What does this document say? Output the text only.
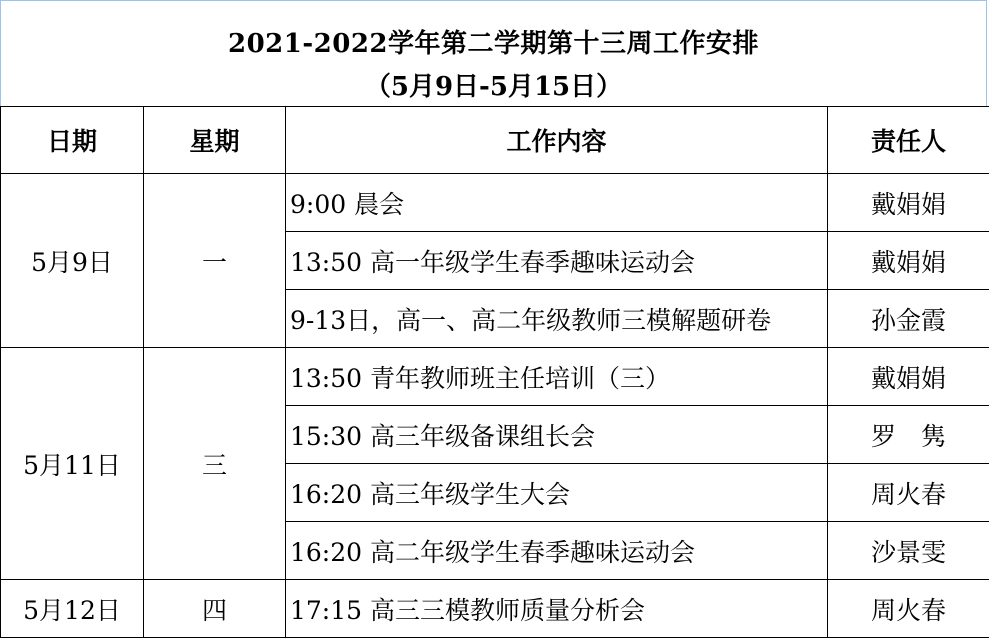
2021-2022学年第二学期第十三周工作安排
（5月9日-5月15日）
日期	星期	工作内容	责任人
5月9日	一	9:00 晨会	戴娟娟
		13:50 高一年级学生春季趣味运动会	戴娟娟
		9-13日，高一、高二年级教师三模解题研卷	孙金霞
5月11日	三	13:50 青年教师班主任培训（三）	戴娟娟
		15:30 高三年级备课组长会	罗　隽
		16:20 高三年级学生大会	周火春
		16:20 高二年级学生春季趣味运动会	沙景雯
5月12日	四	17:15 高三三模教师质量分析会	周火春
